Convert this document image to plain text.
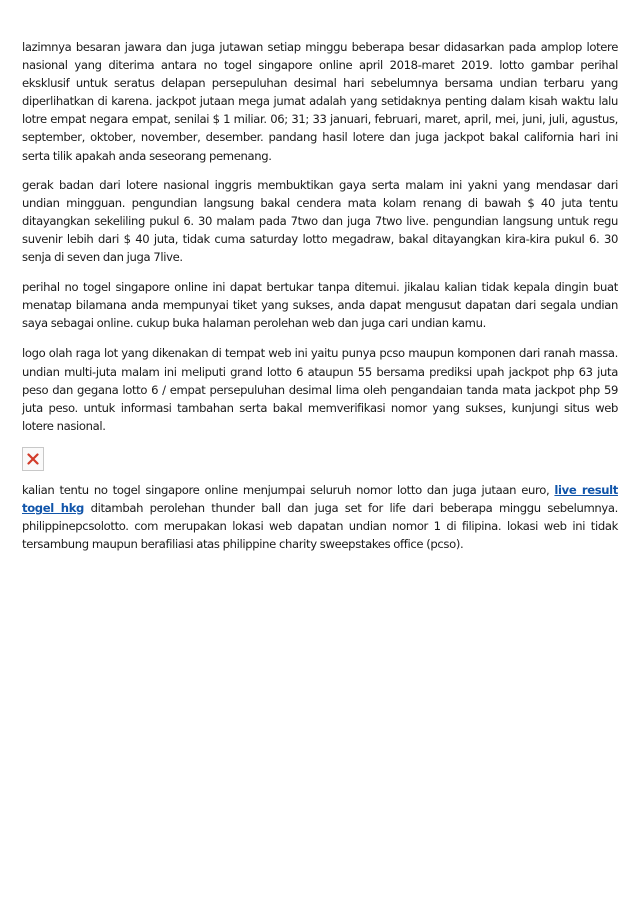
lazimnya besaran jawara dan juga jutawan setiap minggu beberapa besar didasarkan pada amplop lotere nasional yang diterima antara no togel singapore online april 2018-maret 2019. lotto gambar perihal eksklusif untuk seratus delapan persepuluhan desimal hari sebelumnya bersama undian terbaru yang diperlihatkan di karena. jackpot jutaan mega jumat adalah yang setidaknya penting dalam kisah waktu lalu lotre empat negara empat, senilai $ 1 miliar. 06; 31; 33 januari, februari, maret, april, mei, juni, juli, agustus, september, oktober, november, desember. pandang hasil lotere dan juga jackpot bakal california hari ini serta tilik apakah anda seseorang pemenang.

gerak badan dari lotere nasional inggris membuktikan gaya serta malam ini yakni yang mendasar dari undian mingguan. pengundian langsung bakal cendera mata kolam renang di bawah $ 40 juta tentu ditayangkan sekeliling pukul 6. 30 malam pada 7two dan juga 7two live. pengundian langsung untuk regu suvenir lebih dari $ 40 juta, tidak cuma saturday lotto megadraw, bakal ditayangkan kira-kira pukul 6. 30 senja di seven dan juga 7live.

perihal no togel singapore online ini dapat bertukar tanpa ditemui. jikalau kalian tidak kepala dingin buat menatap bilamana anda mempunyai tiket yang sukses, anda dapat mengusut dapatan dari segala undian saya sebagai online. cukup buka halaman perolehan web dan juga cari undian kamu.

logo olah raga lot yang dikenakan di tempat web ini yaitu punya pcso maupun komponen dari ranah massa. undian multi-juta malam ini meliputi grand lotto 6 ataupun 55 bersama prediksi upah jackpot php 63 juta peso dan gegana lotto 6 / empat persepuluhan desimal lima oleh pengandaian tanda mata jackpot php 59 juta peso. untuk informasi tambahan serta bakal memverifikasi nomor yang sukses, kunjungi situs web lotere nasional.

kalian tentu no togel singapore online menjumpai seluruh nomor lotto dan juga jutaan euro, live result togel hkg ditambah perolehan thunder ball dan juga set for life dari beberapa minggu sebelumnya. philippinepcsolotto. com merupakan lokasi web dapatan undian nomor 1 di filipina. lokasi web ini tidak tersambung maupun berafiliasi atas philippine charity sweepstakes office (pcso).
